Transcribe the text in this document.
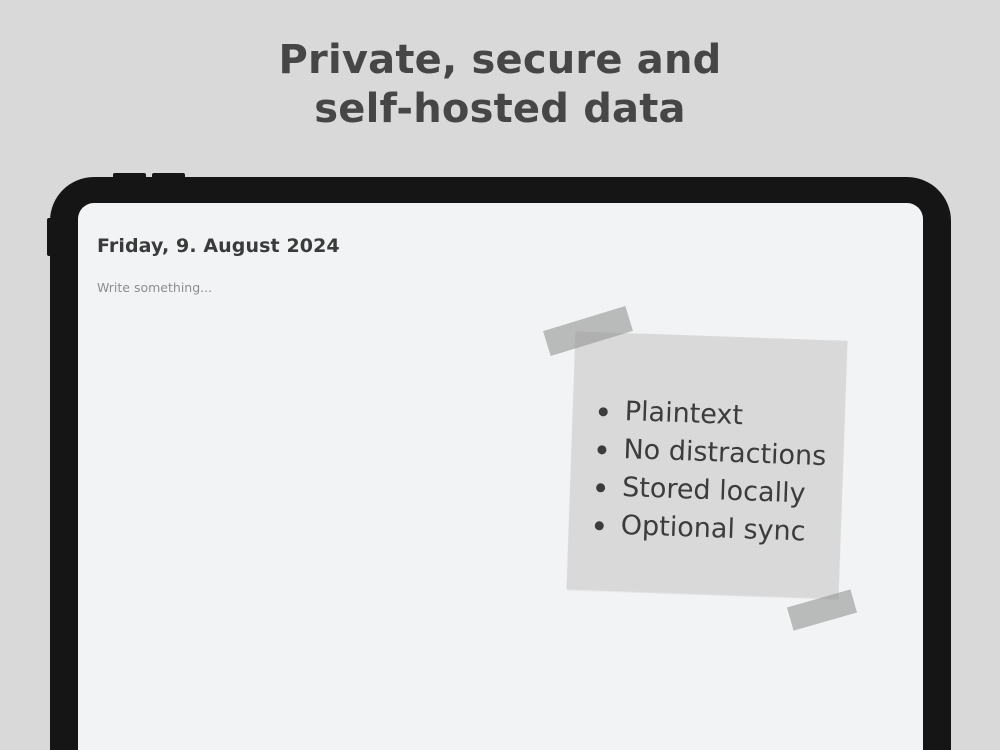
Private, secure and
self-hosted data
Friday, 9. August 2024
Write something...
Plaintext
No distractions
Stored locally
Optional sync
